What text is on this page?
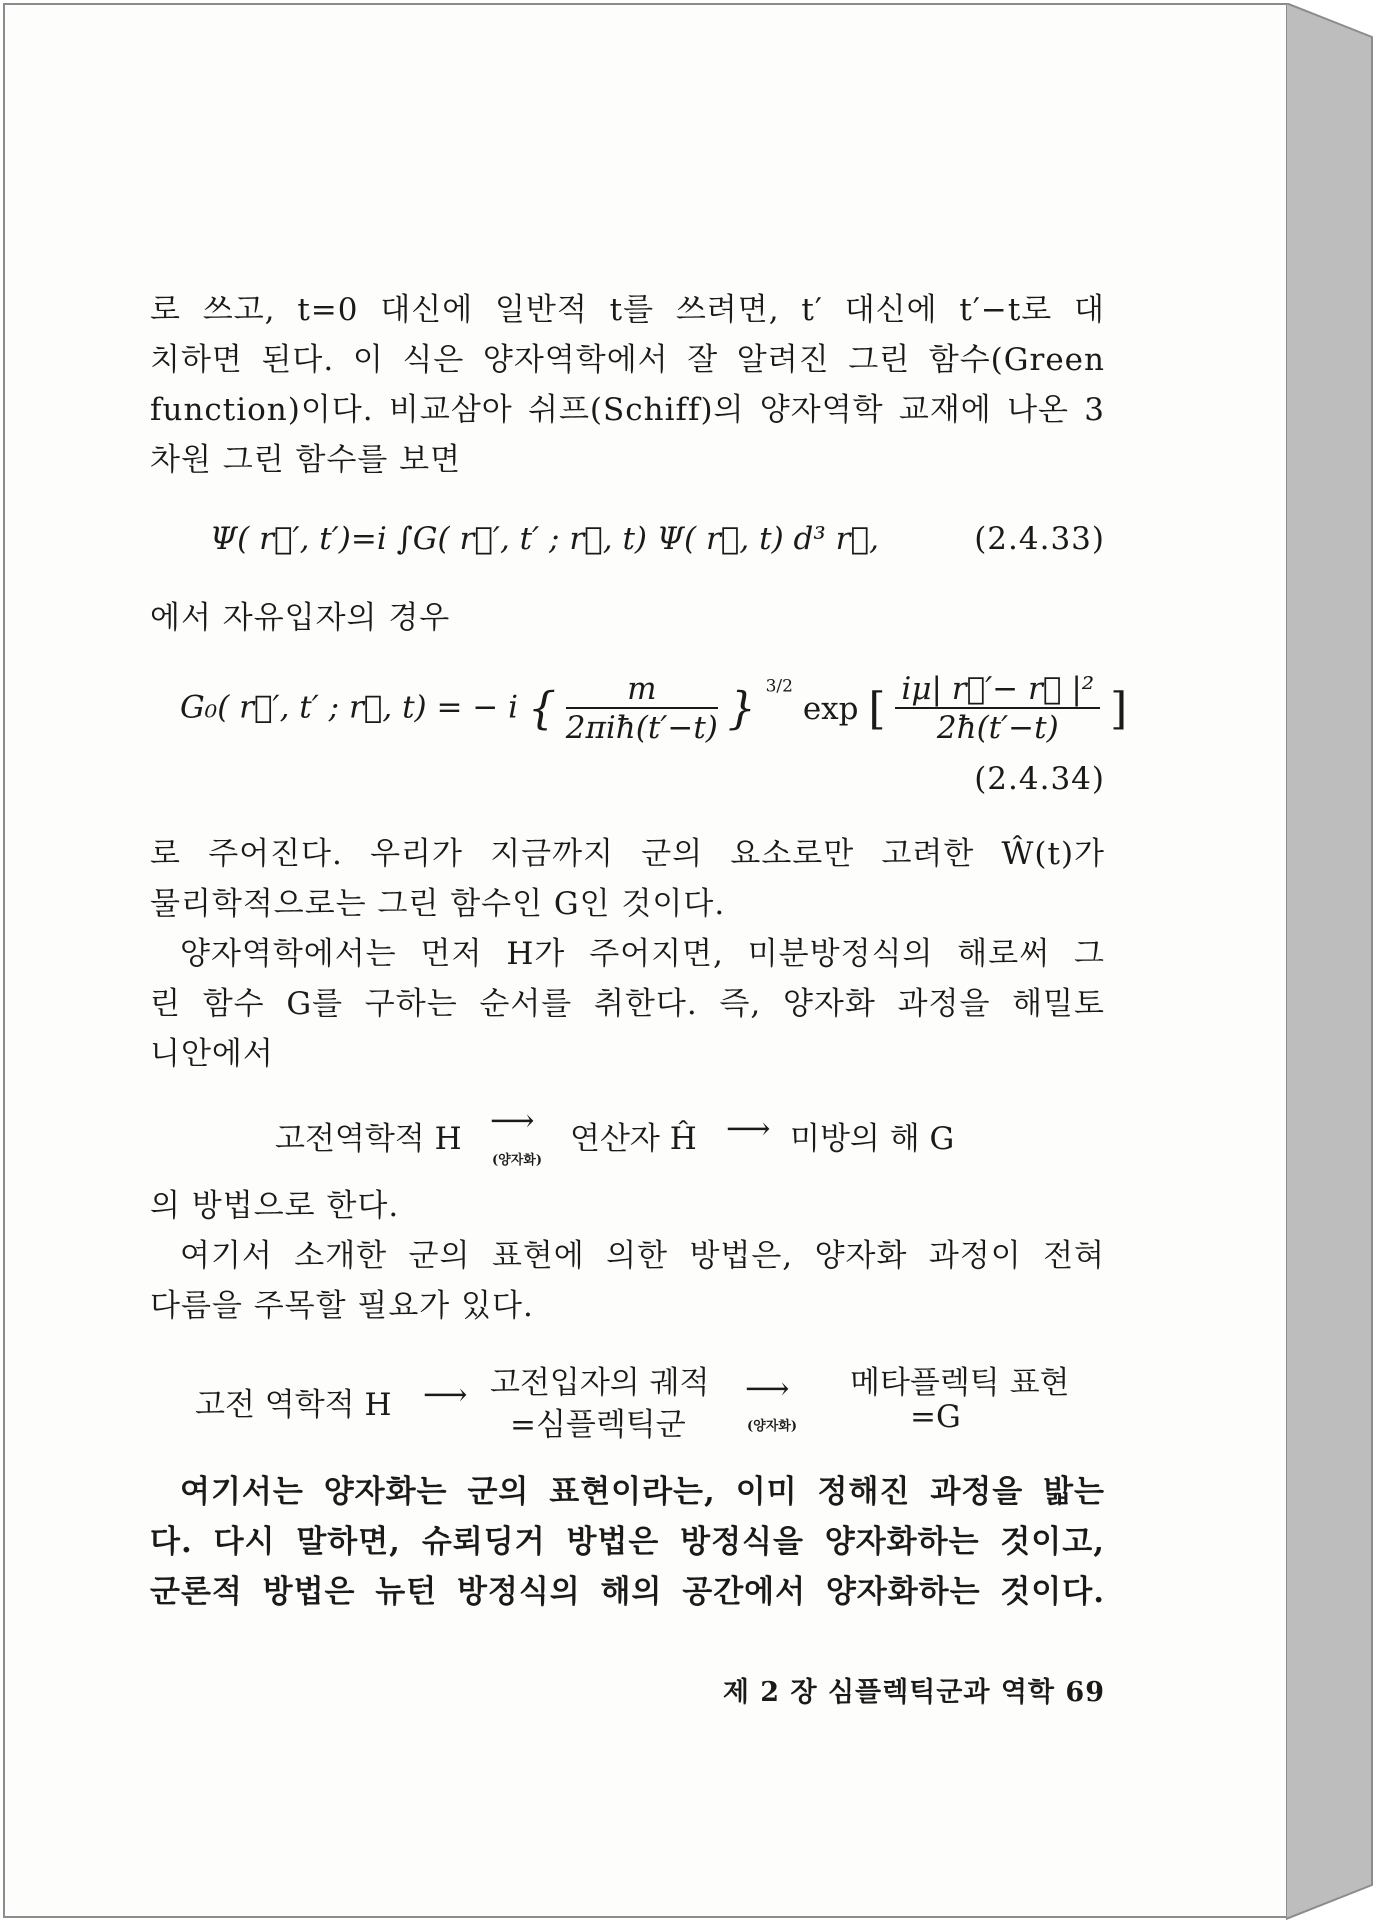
로 쓰고, t=0 대신에 일반적 t를 쓰려면, t′ 대신에 t′−t로 대
치하면 된다. 이 식은 양자역학에서 잘 알려진 그린 함수(Green
function)이다. 비교삼아 쉬프(Schiff)의 양자역학 교재에 나온 3
차원 그린 함수를 보면
Ψ( r⃗′, t′)=i ∫G( r⃗′, t′ ; r⃗, t) Ψ( r⃗, t) d³ r⃗,	(2.4.33)
에서 자유입자의 경우
G₀( r⃗′, t′ ; r⃗, t) = − i { $\frac{m}{\text{2πiħ(t′−t)}}$ } $^{3/2}$ exp [ $\frac{\text{iμ| r⃗′− r⃗ |²}}{2ħ(t'-t)}$ ]
(2.4.34)
로 주어진다. 우리가 지금까지 군의 요소로만 고려한 Ŵ(t)가
물리학적으로는 그린 함수인 G인 것이다.
양자역학에서는 먼저 H가 주어지면, 미분방정식의 해로써 그
린 함수 G를 구하는 순서를 취한다. 즉, 양자화 과정을 해밀토
니안에서
고전역학적 H ⟶
(양자화)
연산자 Ĥ ⟶ 미방의 해 G
의 방법으로 한다.
여기서 소개한 군의 표현에 의한 방법은, 양자화 과정이 전혀
다름을 주목할 필요가 있다.
고전 역학적 H ⟶ 고전입자의 궤적
=심플렉틱군
⟶
(양자화)
메타플렉틱 표현
=G
여기서는 양자화는 군의 표현이라는, 이미 정해진 과정을 밟는
다. 다시 말하면, 슈뢰딩거 방법은 방정식을 양자화하는 것이고,
군론적 방법은 뉴턴 방정식의 해의 공간에서 양자화하는 것이다.
제 2 장 심플렉틱군과 역학 69
